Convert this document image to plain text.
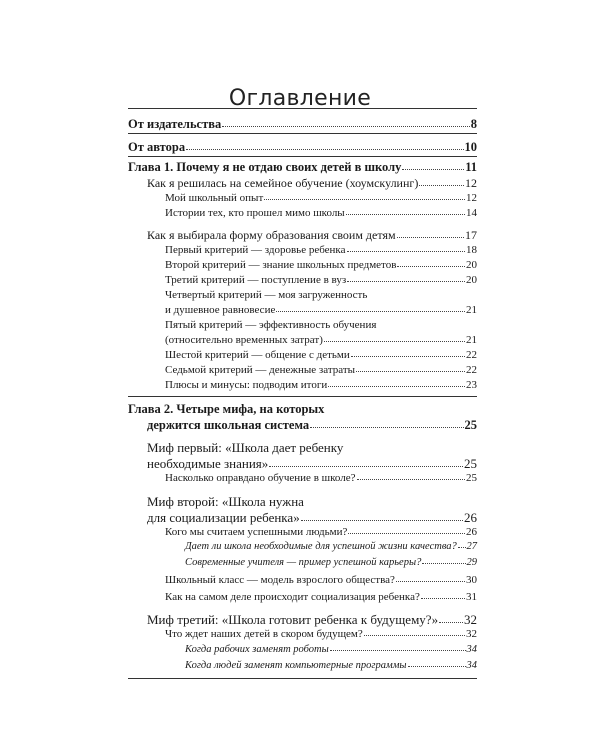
Оглавление
От издательства	8
От автора	10
Глава 1. Почему я не отдаю своих детей в школу	11
Как я решилась на семейное обучение (хоумскулинг)	12
Мой школьный опыт	12
Истории тех, кто прошел мимо школы	14
Как я выбирала форму образования своим детям	17
Первый критерий — здоровье ребенка	18
Второй критерий — знание школьных предметов	20
Третий критерий — поступление в вуз	20
Четвертый критерий — моя загруженность
и душевное равновесие	21
Пятый критерий — эффективность обучения
(относительно временных затрат)	21
Шестой критерий — общение с детьми	22
Седьмой критерий — денежные затраты	22
Плюсы и минусы: подводим итоги	23
Глава 2. Четыре мифа, на которых
держится школьная система	25
Миф первый: «Школа дает ребенку
необходимые знания»	25
Насколько оправдано обучение в школе?	25
Миф второй: «Школа нужна
для социализации ребенка»	26
Кого мы считаем успешными людьми?	26
Дает ли школа необходимые для успешной жизни качества? 27
Современные учителя — пример успешной карьеры?	29
Школьный класс — модель взрослого общества?	30
Как на самом деле происходит социализация ребенка?	31
Миф третий: «Школа готовит ребенка к будущему?» 32
Что ждет наших детей в скором будущем?	32
Когда рабочих заменят роботы	34
Когда людей заменят компьютерные программы	34
